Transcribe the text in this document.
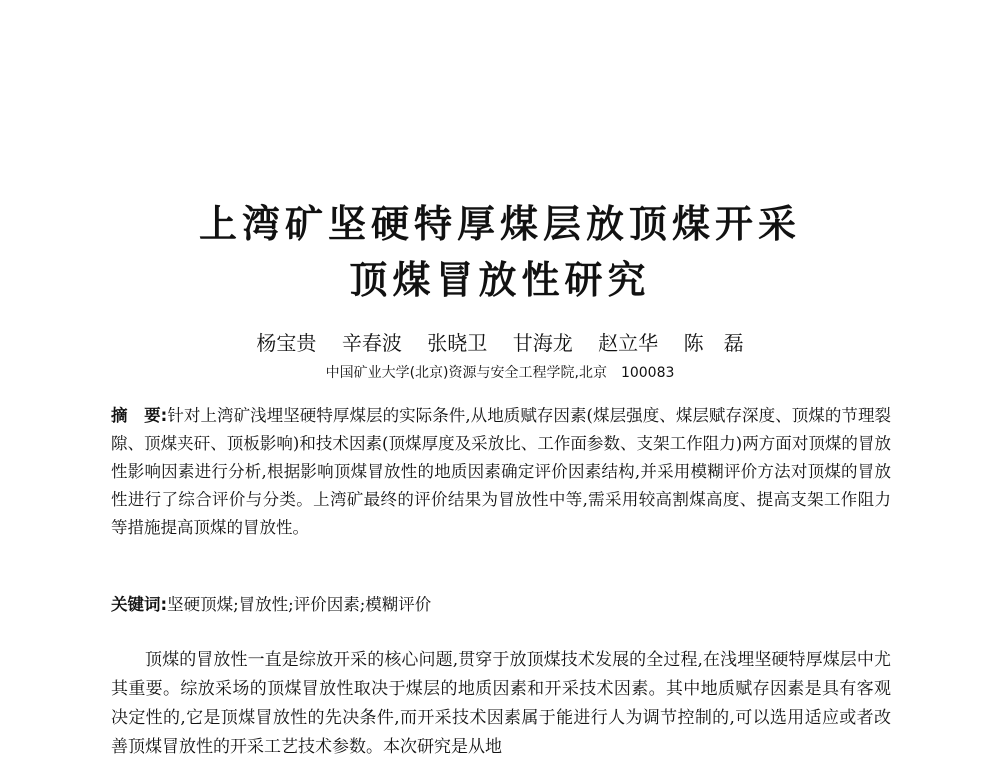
上湾矿坚硬特厚煤层放顶煤开采
顶煤冒放性研究
杨宝贵 辛春波 张晓卫 甘海龙 赵立华 陈　磊
中国矿业大学(北京)资源与安全工程学院,北京　100083
摘　要:针对上湾矿浅埋坚硬特厚煤层的实际条件,从地质赋存因素(煤层强度、煤层赋存深度、顶煤的节理裂隙、顶煤夹矸、顶板影响)和技术因素(顶煤厚度及采放比、工作面参数、支架工作阻力)两方面对顶煤的冒放性影响因素进行分析,根据影响顶煤冒放性的地质因素确定评价因素结构,并采用模糊评价方法对顶煤的冒放性进行了综合评价与分类。上湾矿最终的评价结果为冒放性中等,需采用较高割煤高度、提高支架工作阻力等措施提高顶煤的冒放性。
关键词:坚硬顶煤;冒放性;评价因素;模糊评价

顶煤的冒放性一直是综放开采的核心问题,贯穿于放顶煤技术发展的全过程,在浅埋坚硬特厚煤层中尤其重要。综放采场的顶煤冒放性取决于煤层的地质因素和开采技术因素。其中地质赋存因素是具有客观决定性的,它是顶煤冒放性的先决条件,而开采技术因素属于能进行人为调节控制的,可以选用适应或者改善顶煤冒放性的开采工艺技术参数。本次研究是从地
